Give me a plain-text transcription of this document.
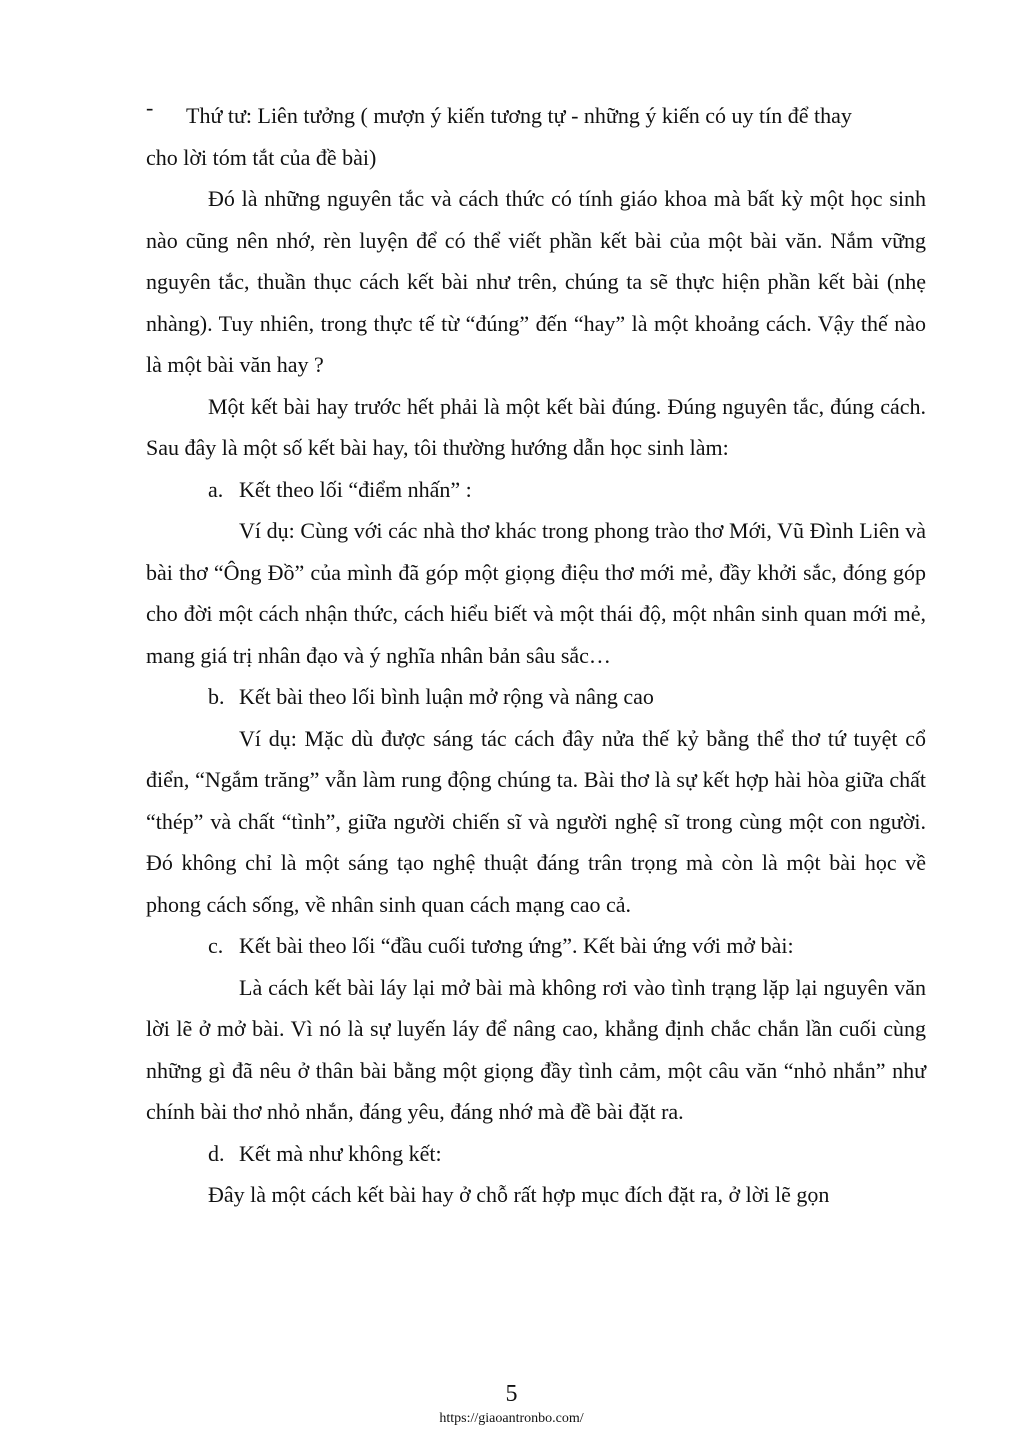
-	Thứ tư: Liên tưởng ( mượn ý kiến tương tự - những ý kiến có uy tín để thay

cho lời tóm tắt của đề bài)

Đó là những nguyên tắc và cách thức có tính giáo khoa mà bất kỳ một học sinh nào cũng nên nhớ, rèn luyện để có thể viết phần kết bài của một bài văn. Nắm vững nguyên tắc, thuần thục cách kết bài như trên, chúng ta sẽ thực hiện phần kết bài (nhẹ nhàng). Tuy nhiên, trong thực tế từ “đúng” đến “hay” là một khoảng cách. Vậy thế nào là một bài văn hay ?

Một kết bài hay trước hết phải là một kết bài đúng. Đúng nguyên tắc, đúng cách. Sau đây là một số kết bài hay, tôi thường hướng dẫn học sinh làm:

a. Kết theo lối “điểm nhấn” :

Ví dụ: Cùng với các nhà thơ khác trong phong trào thơ Mới, Vũ Đình Liên và bài thơ “Ông Đồ” của mình đã góp một giọng điệu thơ mới mẻ, đầy khởi sắc, đóng góp cho đời một cách nhận thức, cách hiểu biết và một thái độ, một nhân sinh quan mới mẻ, mang giá trị nhân đạo và ý nghĩa nhân bản sâu sắc…

b. Kết bài theo lối bình luận mở rộng và nâng cao

Ví dụ: Mặc dù được sáng tác cách đây nửa thế kỷ bằng thể thơ tứ tuyệt cổ điển, “Ngắm trăng” vẫn làm rung động chúng ta. Bài thơ là sự kết hợp hài hòa giữa chất “thép” và chất “tình”, giữa người chiến sĩ và người nghệ sĩ trong cùng một con người. Đó không chỉ là một sáng tạo nghệ thuật đáng trân trọng mà còn là một bài học về phong cách sống, về nhân sinh quan cách mạng cao cả.

c. Kết bài theo lối “đầu cuối tương ứng”. Kết bài ứng với mở bài:

Là cách kết bài láy lại mở bài mà không rơi vào tình trạng lặp lại nguyên văn lời lẽ ở mở bài. Vì nó là sự luyến láy để nâng cao, khẳng định chắc chắn lần cuối cùng những gì đã nêu ở thân bài bằng một giọng đầy tình cảm, một câu văn “nhỏ nhắn” như chính bài thơ nhỏ nhắn, đáng yêu, đáng nhớ mà đề bài đặt ra.

d. Kết mà như không kết:

Đây là một cách kết bài hay ở chỗ rất hợp mục đích đặt ra, ở lời lẽ gọn

5
https://giaoantronbo.com/
